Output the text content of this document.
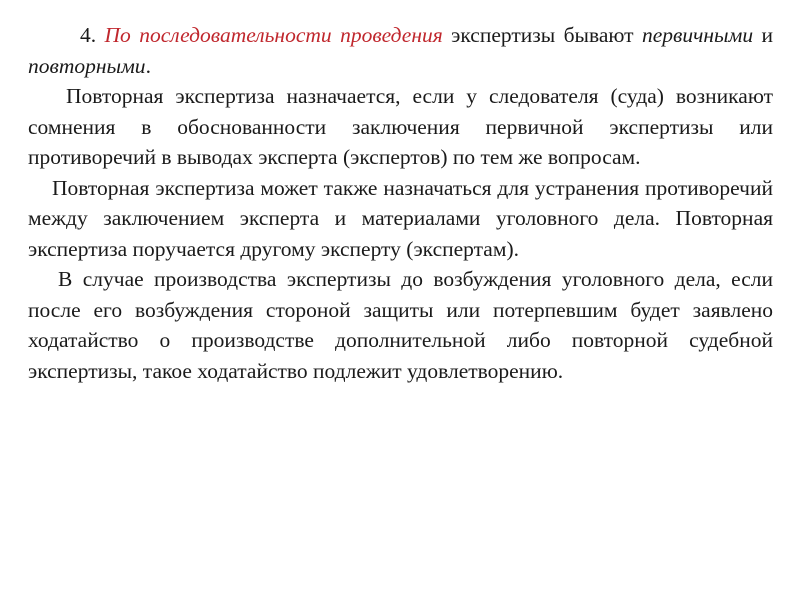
4. По последовательности проведения экспертизы бывают первичными и повторными.

Повторная экспертиза назначается, если у следователя (суда) возникают сомнения в обоснованности заключения первичной экспертизы или противоречий в выводах эксперта (экспертов) по тем же вопросам.

Повторная экспертиза может также назначаться для устранения противоречий между заключением эксперта и материалами уголовного дела. Повторная экспертиза поручается другому эксперту (экспертам).

В случае производства экспертизы до возбуждения уголовного дела, если после его возбуждения стороной защиты или потерпевшим будет заявлено ходатайство о производстве дополнительной либо повторной судебной экспертизы, такое ходатайство подлежит удовлетворению.
